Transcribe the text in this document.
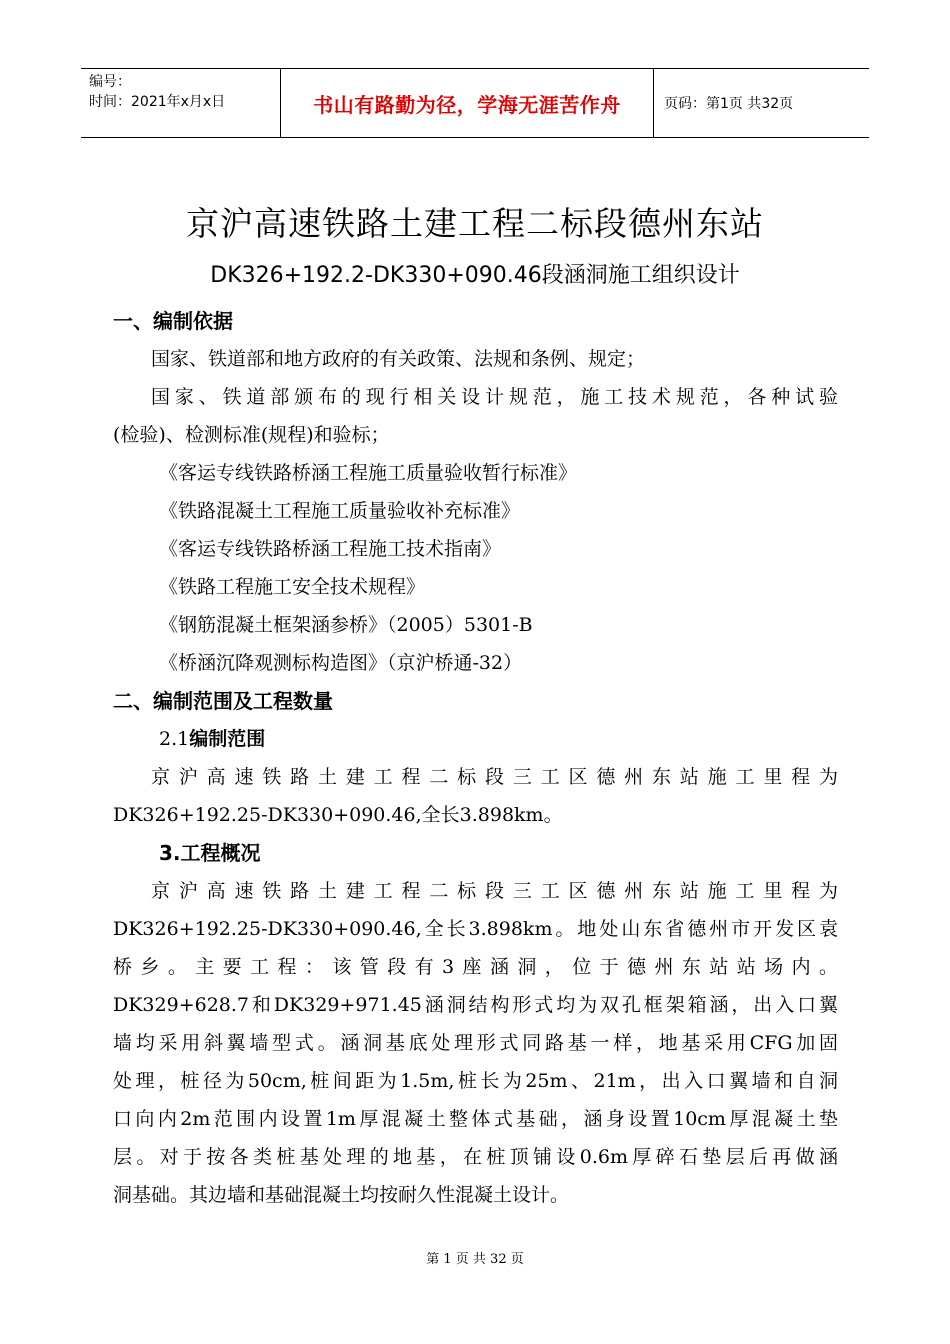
编号：
时间：2021年x月x日	书山有路勤为径，学海无涯苦作舟	页码：第1页 共32页
京沪高速铁路土建工程二标段德州东站
DK326+192.2-DK330+090.46段涵洞施工组织设计

一、编制依据

国家、铁道部和地方政府的有关政策、法规和条例、规定；

国家、铁道部颁布的现行相关设计规范，施工技术规范，各种试验

(检验)、检测标准(规程)和验标；

《客运专线铁路桥涵工程施工质量验收暂行标准》

《铁路混凝土工程施工质量验收补充标准》

《客运专线铁路桥涵工程施工技术指南》

《铁路工程施工安全技术规程》

《钢筋混凝土框架涵参桥》（2005）5301-B

《桥涵沉降观测标构造图》（京沪桥通-32）

二、编制范围及工程数量

2.1编制范围

京沪高速铁路土建工程二标段三工区德州东站施工里程为

DK326+192.25-DK330+090.46,全长3.898km。

3.工程概况

京沪高速铁路土建工程二标段三工区德州东站施工里程为

DK326+192.25-DK330+090.46,全长3.898km。地处山东省德州市开发区袁

桥乡。主要工程：该管段有3座涵洞，位于德州东站站场内。

DK329+628.7和DK329+971.45涵洞结构形式均为双孔框架箱涵，出入口翼

墙均采用斜翼墙型式。涵洞基底处理形式同路基一样，地基采用CFG加固

处理，桩径为50cm,桩间距为1.5m,桩长为25m、21m，出入口翼墙和自洞

口向内2m范围内设置1m厚混凝土整体式基础，涵身设置10cm厚混凝土垫

层。对于按各类桩基处理的地基，在桩顶铺设0.6m厚碎石垫层后再做涵

洞基础。其边墙和基础混凝土均按耐久性混凝土设计。

第 1 页 共 32 页
